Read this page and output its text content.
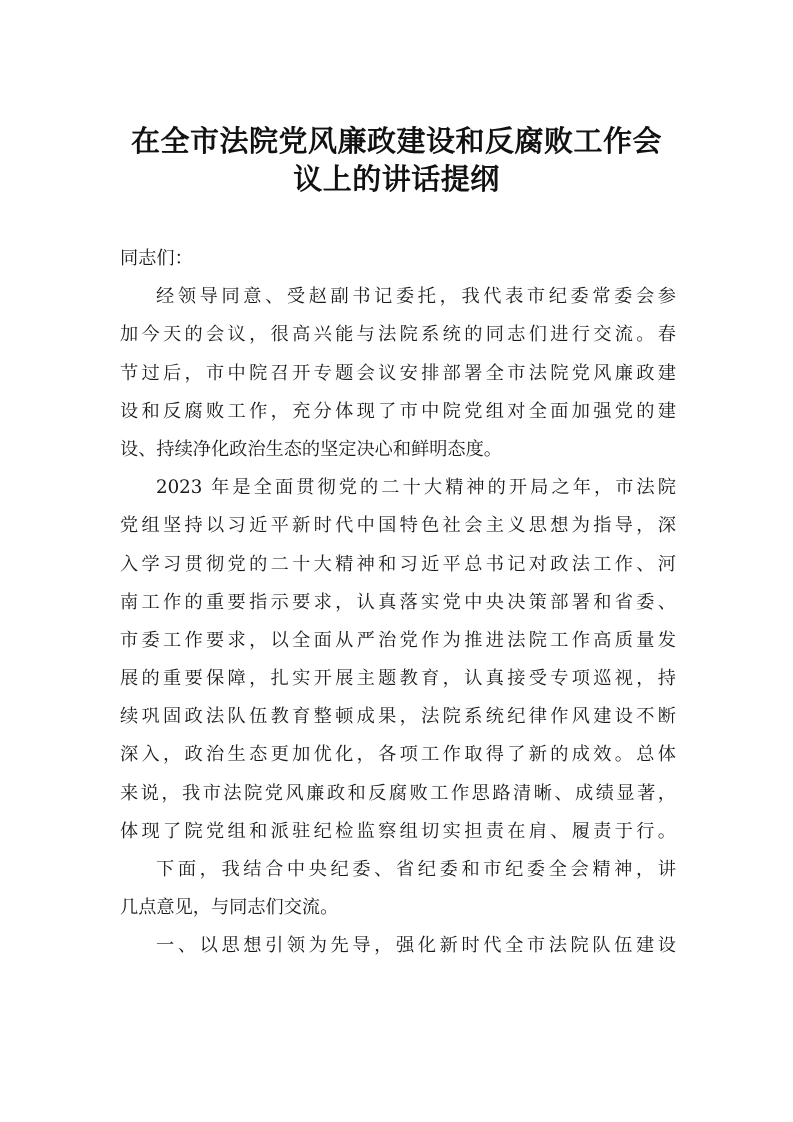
在全市法院党风廉政建设和反腐败工作会
议上的讲话提纲
同志们：
经领导同意、受赵副书记委托，我代表市纪委常委会参
加今天的会议，很高兴能与法院系统的同志们进行交流。春
节过后，市中院召开专题会议安排部署全市法院党风廉政建
设和反腐败工作，充分体现了市中院党组对全面加强党的建
设、持续净化政治生态的坚定决心和鲜明态度。
2023 年是全面贯彻党的二十大精神的开局之年，市法院
党组坚持以习近平新时代中国特色社会主义思想为指导，深
入学习贯彻党的二十大精神和习近平总书记对政法工作、河
南工作的重要指示要求，认真落实党中央决策部署和省委、
市委工作要求，以全面从严治党作为推进法院工作高质量发
展的重要保障，扎实开展主题教育，认真接受专项巡视，持
续巩固政法队伍教育整顿成果，法院系统纪律作风建设不断
深入，政治生态更加优化，各项工作取得了新的成效。总体
来说，我市法院党风廉政和反腐败工作思路清晰、成绩显著，
体现了院党组和派驻纪检监察组切实担责在肩、履责于行。
下面，我结合中央纪委、省纪委和市纪委全会精神，讲
几点意见，与同志们交流。
一、以思想引领为先导，强化新时代全市法院队伍建设
